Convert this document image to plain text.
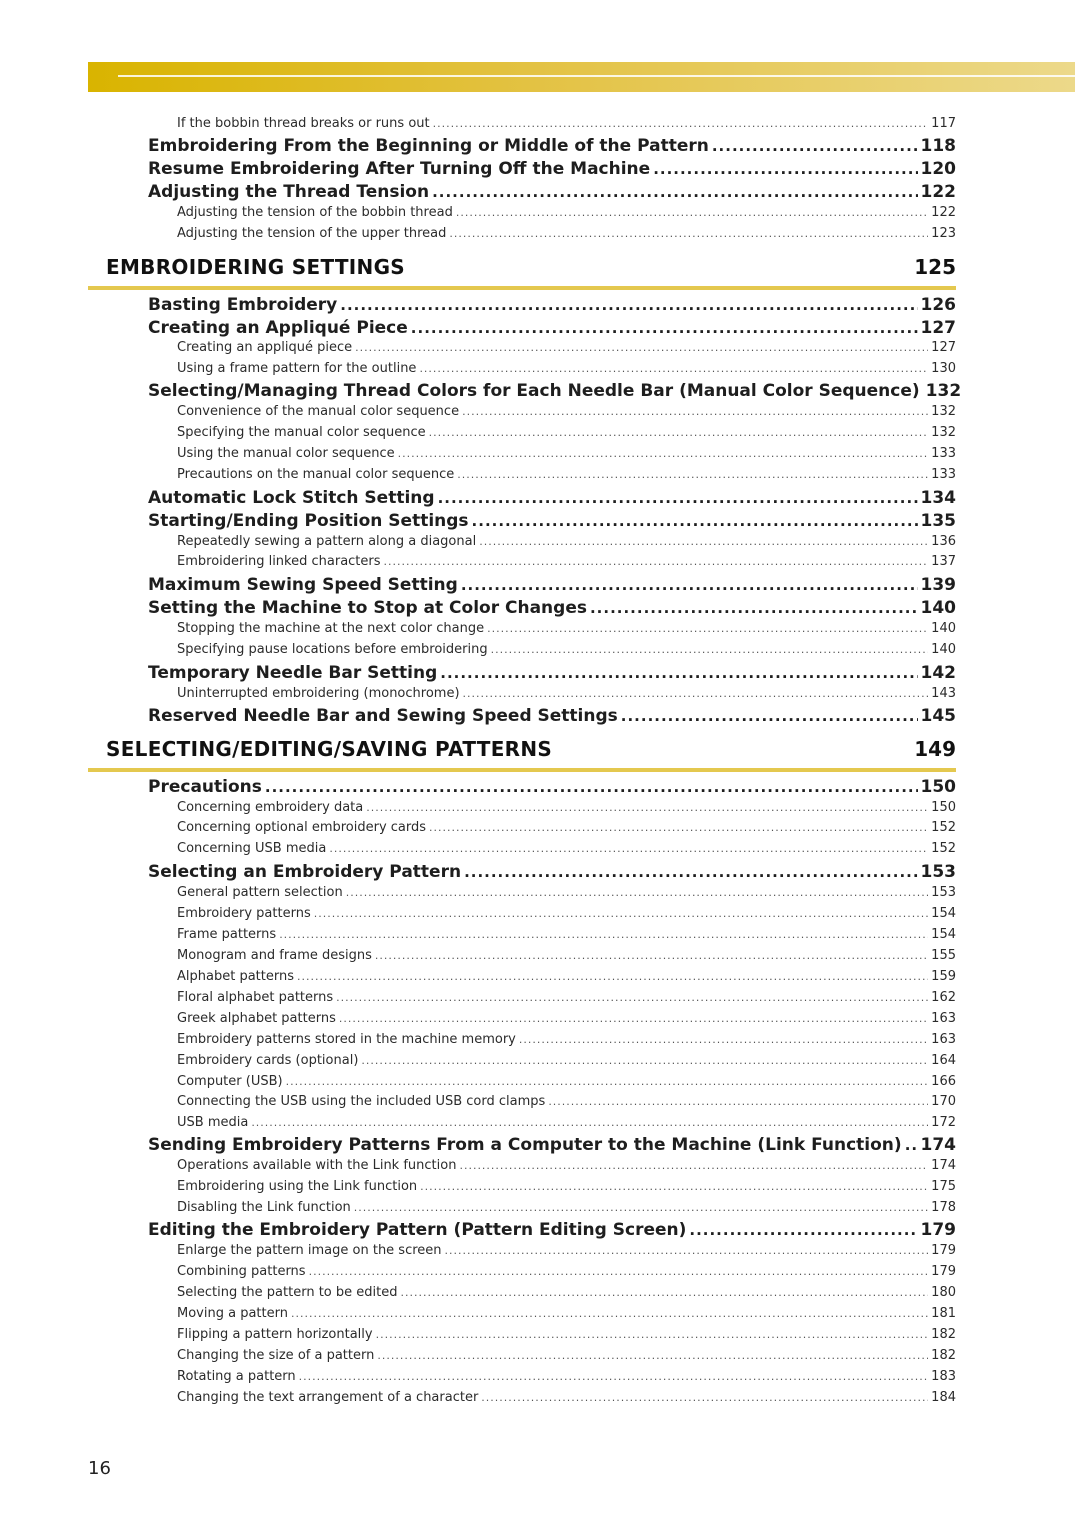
If the bobbin thread breaks or runs out .....	117
Embroidering From the Beginning or Middle of the Pattern .....	118
Resume Embroidering After Turning Off the Machine .....	120
Adjusting the Thread Tension .....	122
Adjusting the tension of the bobbin thread .....	122
Adjusting the tension of the upper thread .....	123
EMBROIDERING SETTINGS	125
Basting Embroidery .....	126
Creating an Appliqué Piece .....	127
Creating an appliqué piece .....	127
Using a frame pattern for the outline .....	130
Selecting/Managing Thread Colors for Each Needle Bar (Manual Color Sequence) 132
Convenience of the manual color sequence .....	132
Specifying the manual color sequence .....	132
Using the manual color sequence .....	133
Precautions on the manual color sequence .....	133
Automatic Lock Stitch Setting .....	134
Starting/Ending Position Settings .....	135
Repeatedly sewing a pattern along a diagonal .....	136
Embroidering linked characters .....	137
Maximum Sewing Speed Setting .....	139
Setting the Machine to Stop at Color Changes .....	140
Stopping the machine at the next color change .....	140
Specifying pause locations before embroidering .....	140
Temporary Needle Bar Setting .....	142
Uninterrupted embroidering (monochrome) .....	143
Reserved Needle Bar and Sewing Speed Settings .....	145
SELECTING/EDITING/SAVING PATTERNS	149
Precautions .....	150
Concerning embroidery data .....	150
Concerning optional embroidery cards .....	152
Concerning USB media .....	152
Selecting an Embroidery Pattern .....	153
General pattern selection .....	153
Embroidery patterns .....	154
Frame patterns .....	154
Monogram and frame designs .....	155
Alphabet patterns .....	159
Floral alphabet patterns .....	162
Greek alphabet patterns .....	163
Embroidery patterns stored in the machine memory .....	163
Embroidery cards (optional) .....	164
Computer (USB) .....	166
Connecting the USB using the included USB cord clamps .....	170
USB media .....	172
Sending Embroidery Patterns From a Computer to the Machine (Link Function) ..... 174
Operations available with the Link function .....	174
Embroidering using the Link function .....	175
Disabling the Link function .....	178
Editing the Embroidery Pattern (Pattern Editing Screen) .....	179
Enlarge the pattern image on the screen .....	179
Combining patterns .....	179
Selecting the pattern to be edited .....	180
Moving a pattern .....	181
Flipping a pattern horizontally .....	182
Changing the size of a pattern .....	182
Rotating a pattern .....	183
Changing the text arrangement of a character .....	184
16
